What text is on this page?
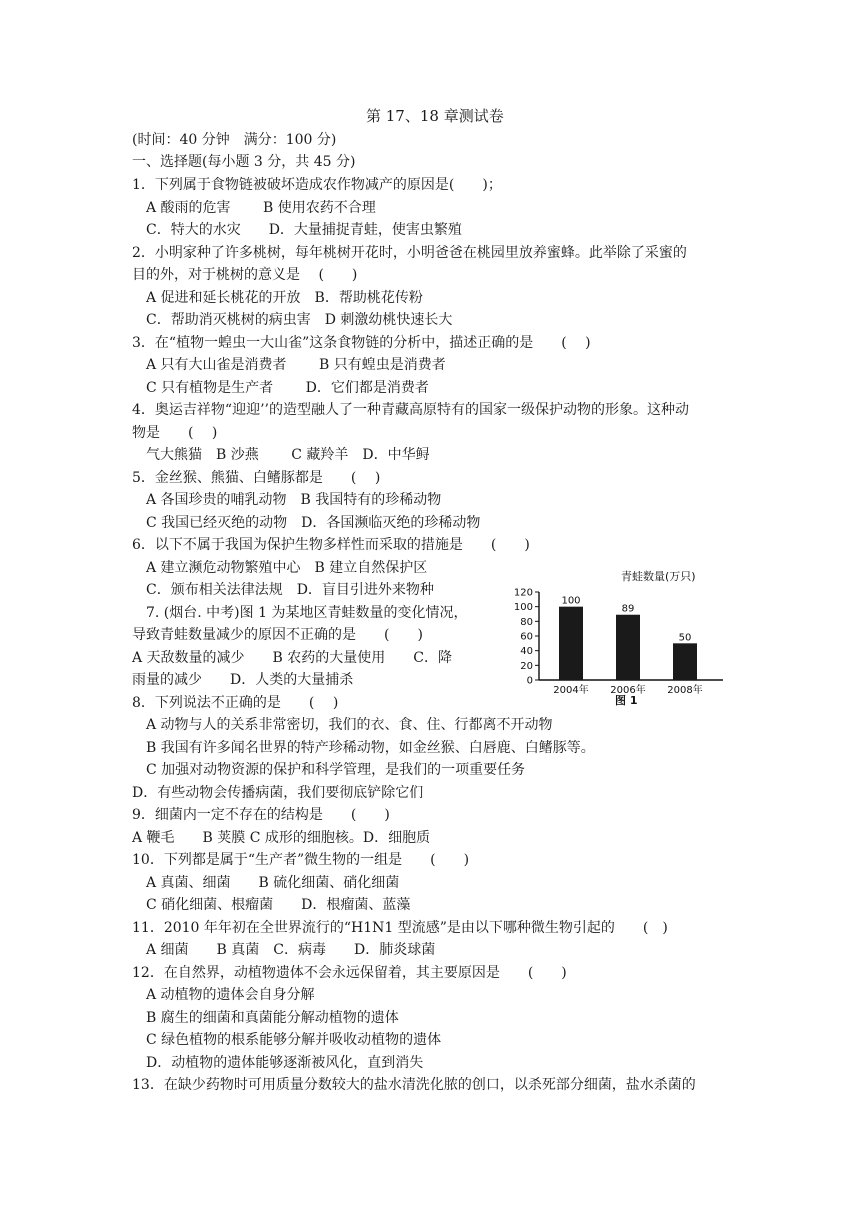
第 17、18 章测试卷
(时间：40 分钟　满分：100 分)
一、选择题(每小题 3 分，共 45 分)
1．下列属于食物链被破坏造成农作物减产的原因是(　　)；
A 酸雨的危害　　 B 使用农药不合理
C．特大的水灾　　D．大量捕捉青蛙，使害虫繁殖
2．小明家种了许多桃树，每年桃树开花时，小明爸爸在桃园里放养蜜蜂。此举除了采蜜的
目的外，对于桃树的意义是　 (　　)
A 促进和延长桃花的开放　B．帮助桃花传粉
C．帮助消灭桃树的病虫害　D 刺激幼桃快速长大
3．在“植物一蝗虫一大山雀”这条食物链的分析中，描述正确的是　　(　 )
A 只有大山雀是消费者　　 B 只有蝗虫是消费者
C 只有植物是生产者　　 D．它们都是消费者
4．奥运吉祥物“迎迎’’的造型融人了一种青藏高原特有的国家一级保护动物的形象。这种动
物是　　(　 )
气大熊猫　B 沙燕　　 C 藏羚羊　D．中华鲟
5．金丝猴、熊猫、白鳍豚都是　　(　 )
A 各国珍贵的哺乳动物　B 我国特有的珍稀动物
C 我国已经灭绝的动物　D．各国濒临灭绝的珍稀动物
6．以下不属于我国为保护生物多样性而采取的措施是　　(　　)
A 建立濒危动物繁殖中心　B 建立自然保护区
C．颁布相关法律法规　D．盲目引进外来物种
7. (烟台. 中考)图 1 为某地区青蛙数量的变化情况，
导致青蛙数量减少的原因不正确的是　　(　　)
A 天敌数量的减少　　B 农药的大量使用　　C．降
雨量的减少　　D．人类的大量捕杀
8．下列说法不正确的是　　(　 )
A 动物与人的关系非常密切，我们的衣、食、住、行都离不开动物
B 我国有许多闻名世界的特产珍稀动物，如金丝猴、白唇鹿、白鳍豚等。
C 加强对动物资源的保护和科学管理，是我们的一项重要任务
D．有些动物会传播病菌，我们要彻底铲除它们
9．细菌内一定不存在的结构是　　(　　)
A 鞭毛　　B 荚膜 C 成形的细胞核。D．细胞质
10．下列都是属于“生产者”微生物的一组是　　(　　)
A 真菌、细菌　　B 硫化细菌、硝化细菌
C 硝化细菌、根瘤菌　　D．根瘤菌、蓝藻
11．2010 年年初在全世界流行的“H1N1 型流感”是由以下哪种微生物引起的　　(　)
A 细菌　　B 真菌　C．病毒　　D．肺炎球菌
12．在自然界，动植物遗体不会永远保留着，其主要原因是　　(　　)
A 动植物的遗体会自身分解
B 腐生的细菌和真菌能分解动植物的遗体
C 绿色植物的根系能够分解并吸收动植物的遗体
D．动植物的遗体能够逐渐被风化，直到消失
13．在缺少药物时可用质量分数较大的盐水清洗化脓的创口，以杀死部分细菌，盐水杀菌的
青蛙数量(万只)
0
20
40
60
80
100
120
100
2004年
89
2006年
50
2008年
图 1
